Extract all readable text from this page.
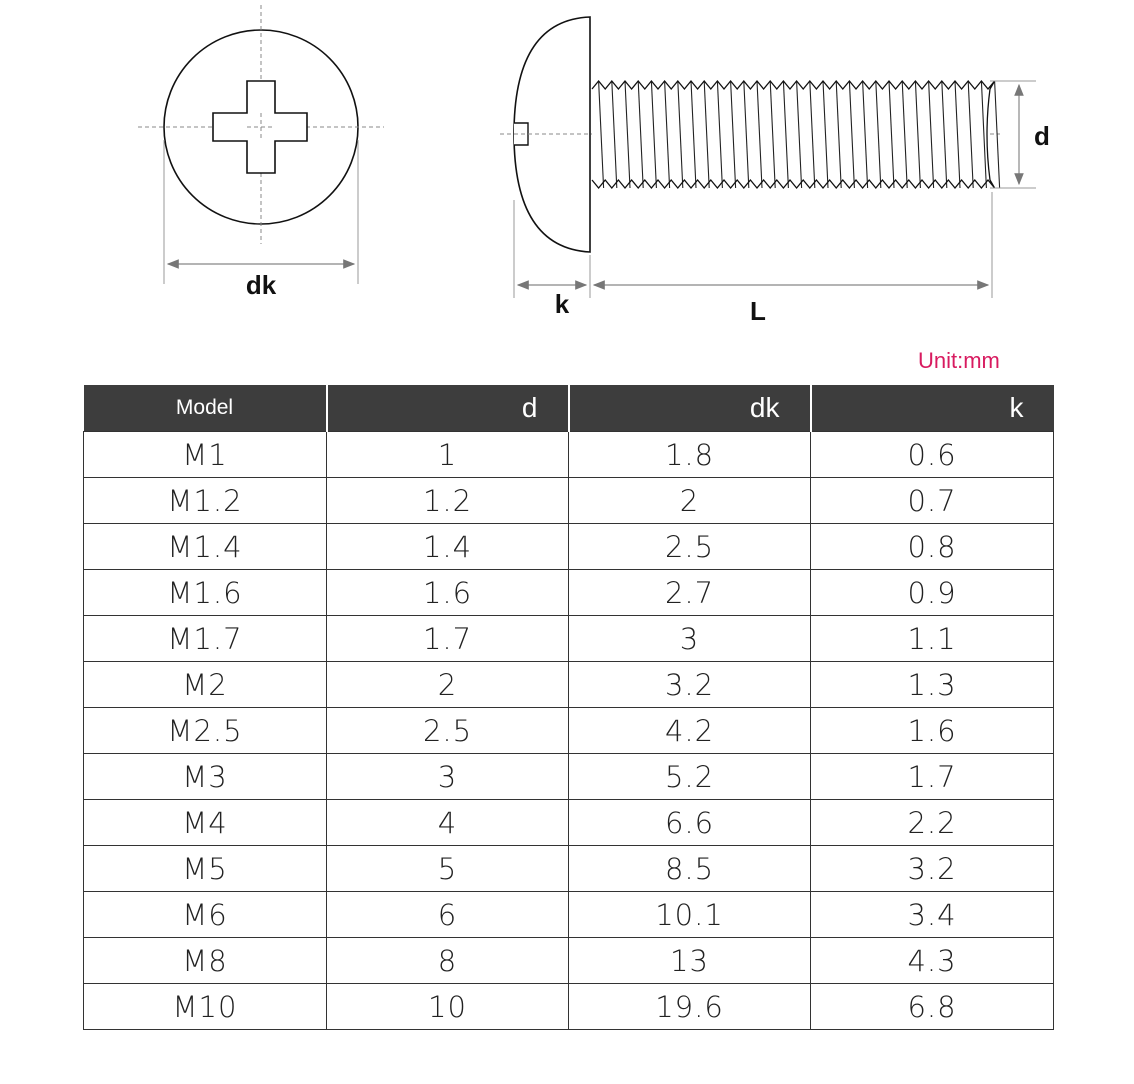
dk
d
k	L
Unit:mm
Model	d	dk	k
M1	1	1.8	0.6
M1.2	1.2	2	0.7
M1.4	1.4	2.5	0.8
M1.6	1.6	2.7	0.9
M1.7	1.7	3	1.1
M2	2	3.2	1.3
M2.5	2.5	4.2	1.6
M3	3	5.2	1.7
M4	4	6.6	2.2
M5	5	8.5	3.2
M6	6	10.1	3.4
M8	8	13	4.3
M10	10	19.6	6.8
